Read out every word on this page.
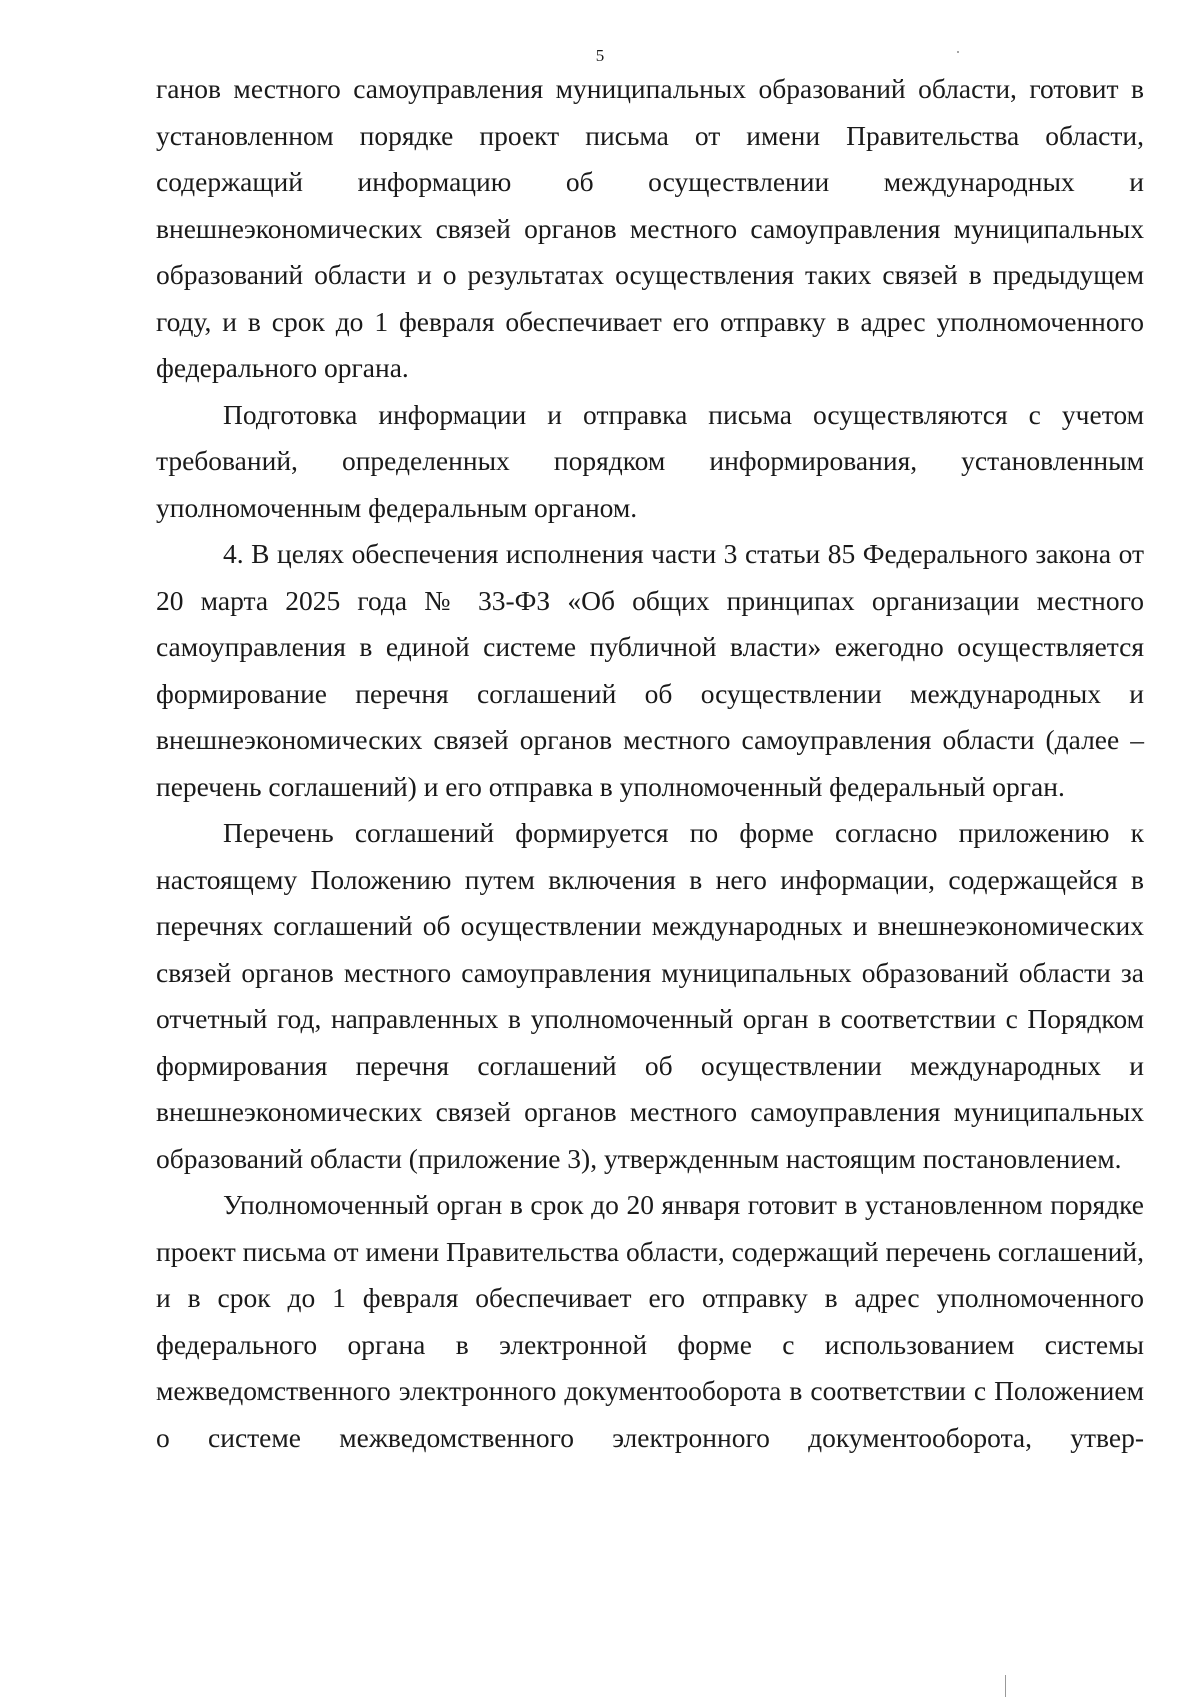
5

ганов местного самоуправления муниципальных образований области, готовит в установленном порядке проект письма от имени Правительства области, содержащий информацию об осуществлении международных и внешнеэкономических связей органов местного самоуправления муниципальных образований области и о результатах осуществления таких связей в предыдущем году, и в срок до 1 февраля обеспечивает его отправку в адрес уполномоченного федерального органа.

Подготовка информации и отправка письма осуществляются с учетом требований, определенных порядком информирования, установленным уполномоченным федеральным органом.

4. В целях обеспечения исполнения части 3 статьи 85 Федерального закона от 20 марта 2025 года № 33-ФЗ «Об общих принципах организации местного самоуправления в единой системе публичной власти» ежегодно осуществляется формирование перечня соглашений об осуществлении международных и внешнеэкономических связей органов местного самоуправления области (далее – перечень соглашений) и его отправка в уполномоченный федеральный орган.

Перечень соглашений формируется по форме согласно приложению к настоящему Положению путем включения в него информации, содержащейся в перечнях соглашений об осуществлении международных и внешнеэкономических связей органов местного самоуправления муниципальных образований области за отчетный год, направленных в уполномоченный орган в соответствии с Порядком формирования перечня соглашений об осуществлении международных и внешнеэкономических связей органов местного самоуправления муниципальных образований области (приложение 3), утвержденным настоящим постановлением.

Уполномоченный орган в срок до 20 января готовит в установленном порядке проект письма от имени Правительства области, содержащий перечень соглашений, и в срок до 1 февраля обеспечивает его отправку в адрес уполномоченного федерального органа в электронной форме с использованием системы межведомственного электронного документооборота в соответствии с Положением о системе межведомственного электронного документооборота, утвер-
